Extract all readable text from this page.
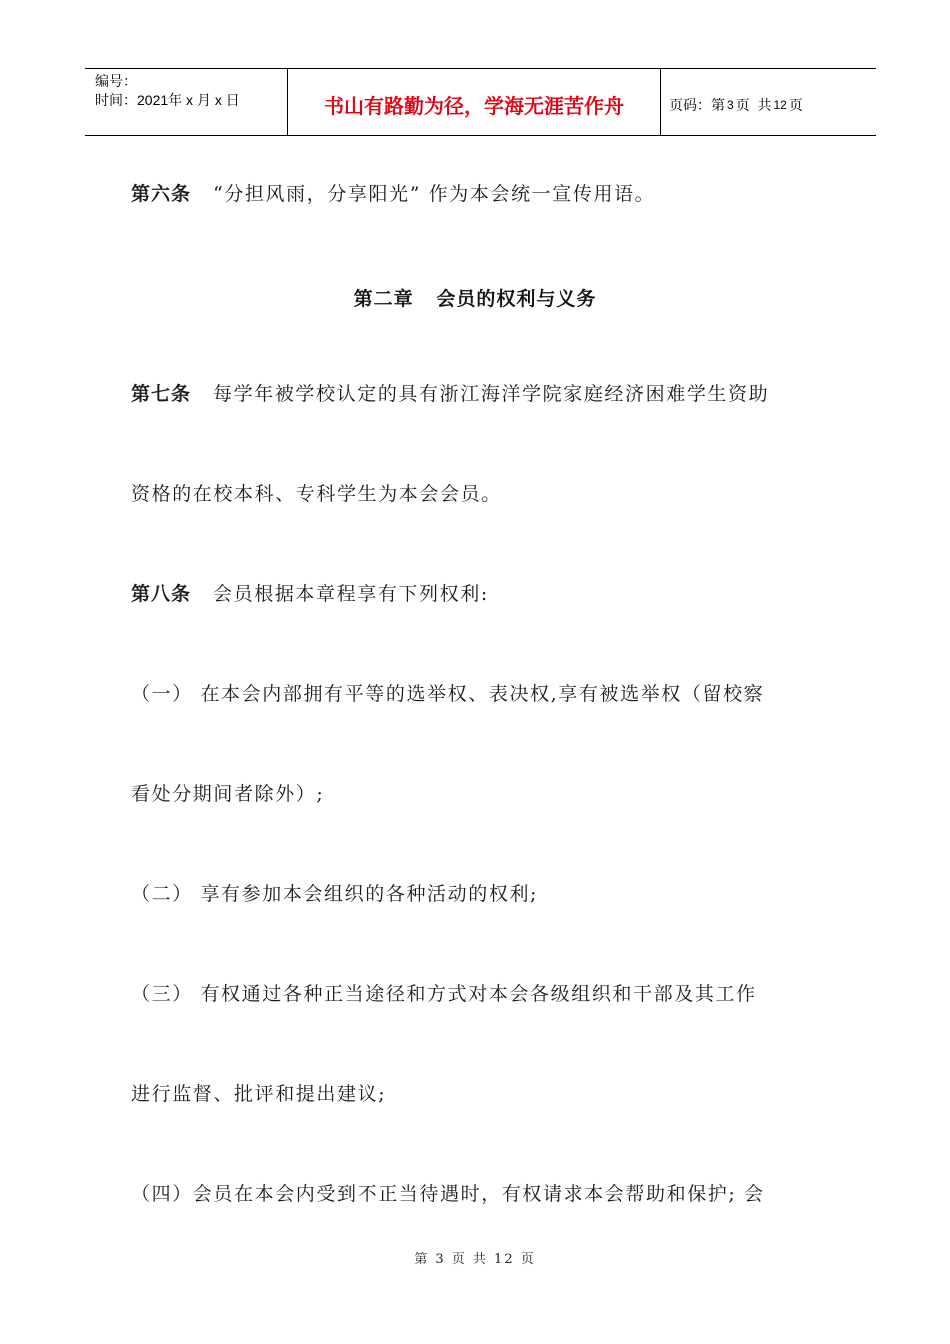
编号：
时间：2021年 x 月 x 日	书山有路勤为径，学海无涯苦作舟	页码：第 3 页
共 12 页
第六条 “分担风雨，分享阳光” 作为本会统一宣传用语。
第二章   会员的权利与义务
第七条 每学年被学校认定的具有浙江海洋学院家庭经济困难学生资助
资格的在校本科、专科学生为本会会员。
第八条 会员根据本章程享有下列权利:
（一） 在本会内部拥有平等的选举权、表决权,享有被选举权（留校察
看处分期间者除外）;
（二） 享有参加本会组织的各种活动的权利;
（三） 有权通过各种正当途径和方式对本会各级组织和干部及其工作
进行监督、批评和提出建议;
（四）会员在本会内受到不正当待遇时，有权请求本会帮助和保护; 会
第 3 页 共 12 页
